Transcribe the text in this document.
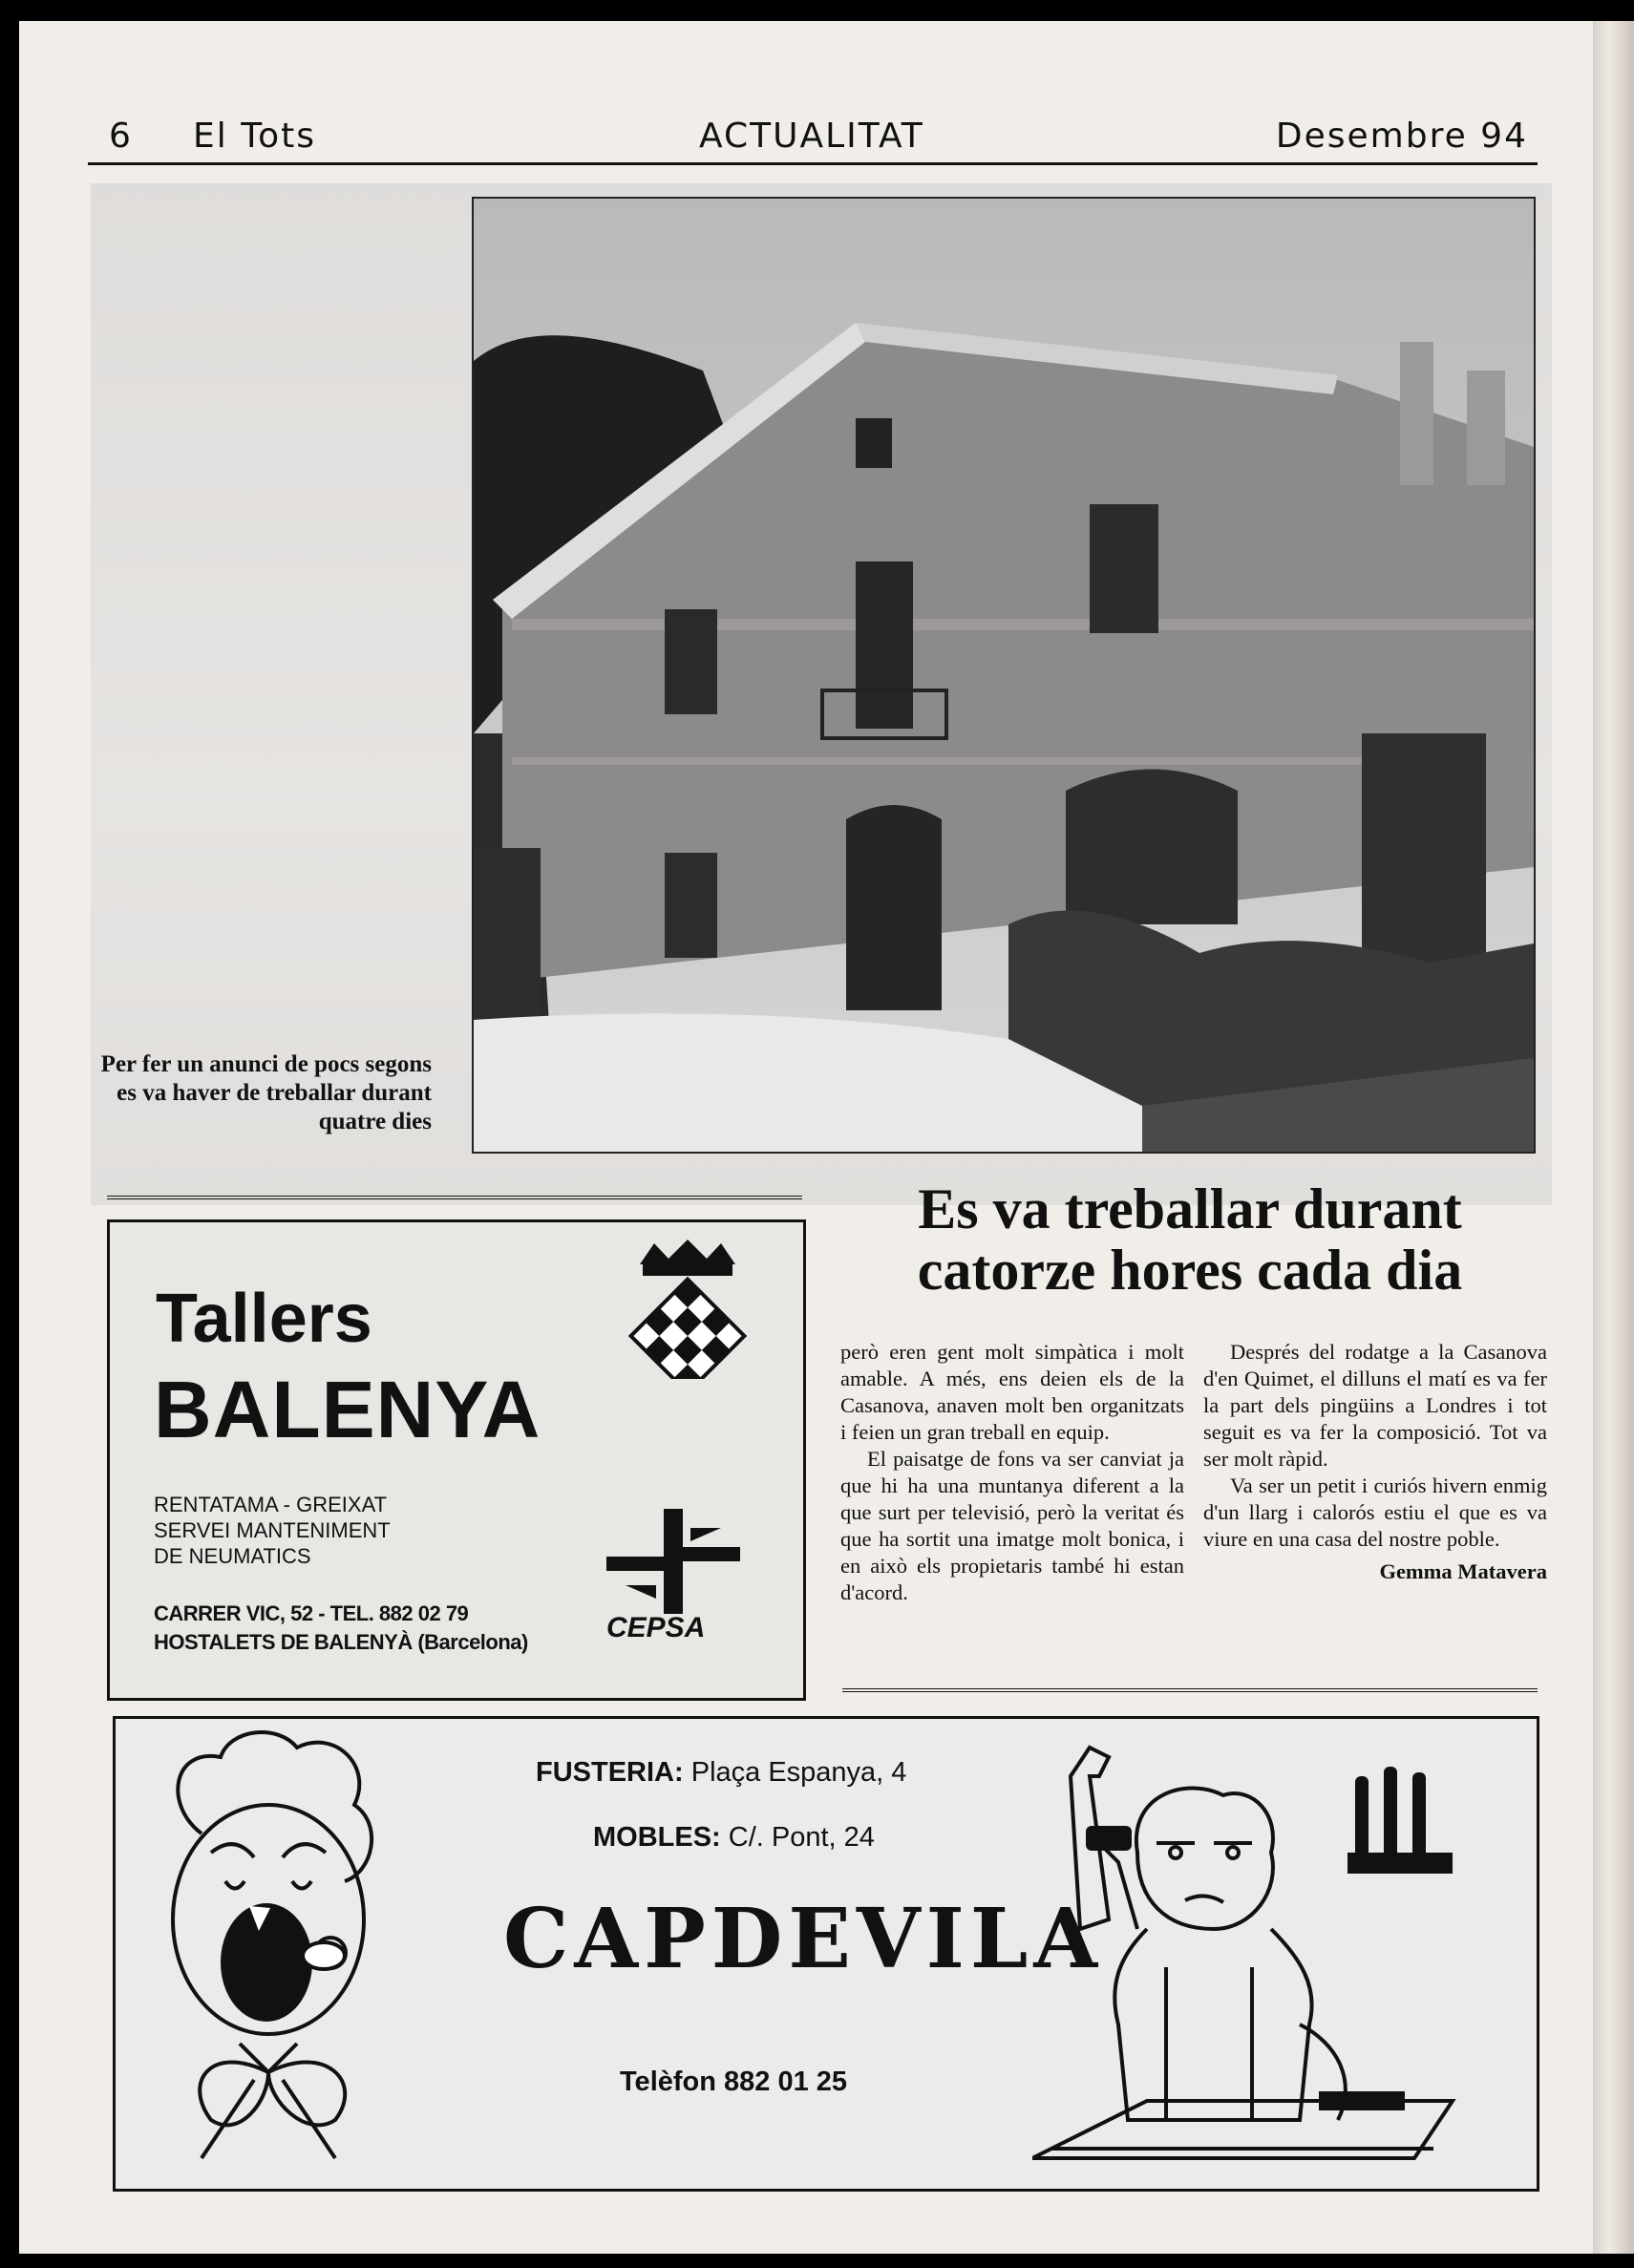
6 El Tots	ACTUALITAT	Desembre 94
Per fer un anunci de pocs segons es va haver de treballar durant quatre dies
Tallers
BALENYA
RENTATAMA - GREIXAT
SERVEI MANTENIMENT
DE NEUMATICS
CARRER VIC, 52 - TEL. 882 02 79
HOSTALETS DE BALENYÀ (Barcelona)	CEPSA
Es va treballar durant catorze hores cada dia

però eren gent molt simpàtica i molt amable. A més, ens deien els de la Casanova, anaven molt ben organitzats i feien un gran treball en equip.

El paisatge de fons va ser canviat ja que hi ha una muntanya diferent a la que surt per televisió, però la veritat és que ha sortit una imatge molt bonica, i en això els propietaris també hi estan d'acord.

Després del rodatge a la Casanova d'en Quimet, el dilluns el matí es va fer la part dels pingüins a Londres i tot seguit es va fer la composició. Tot va ser molt ràpid.

Va ser un petit i curiós hivern enmig d'un llarg i calorós estiu el que es va viure en una casa del nostre poble.

Gemma Matavera
FUSTERIA: Plaça Espanya, 4
MOBLES: C/. Pont, 24
CAPDEVILA
Telèfon 882 01 25
